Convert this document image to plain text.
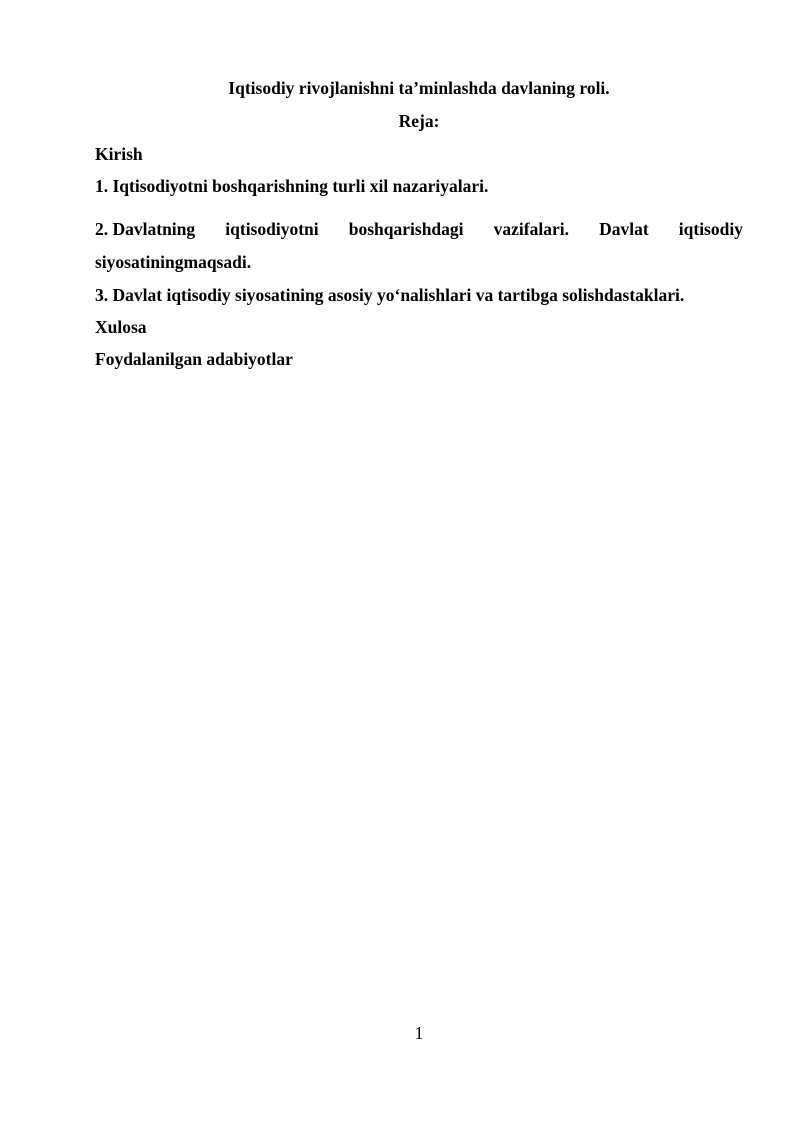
Iqtisodiy rivojlanishni ta’minlashda davlaning roli.
Reja:
Kirish
1. Iqtisodiyotni boshqarishning turli xil nazariyalari.
2. Davlatning iqtisodiyotni boshqarishdagi vazifalari. Davlat iqtisodiy
siyosatiningmaqsadi.
3. Davlat iqtisodiy siyosatining asosiy yo‘nalishlari va tartibga solishdastaklari.
Xulosa
Foydalanilgan adabiyotlar
1
